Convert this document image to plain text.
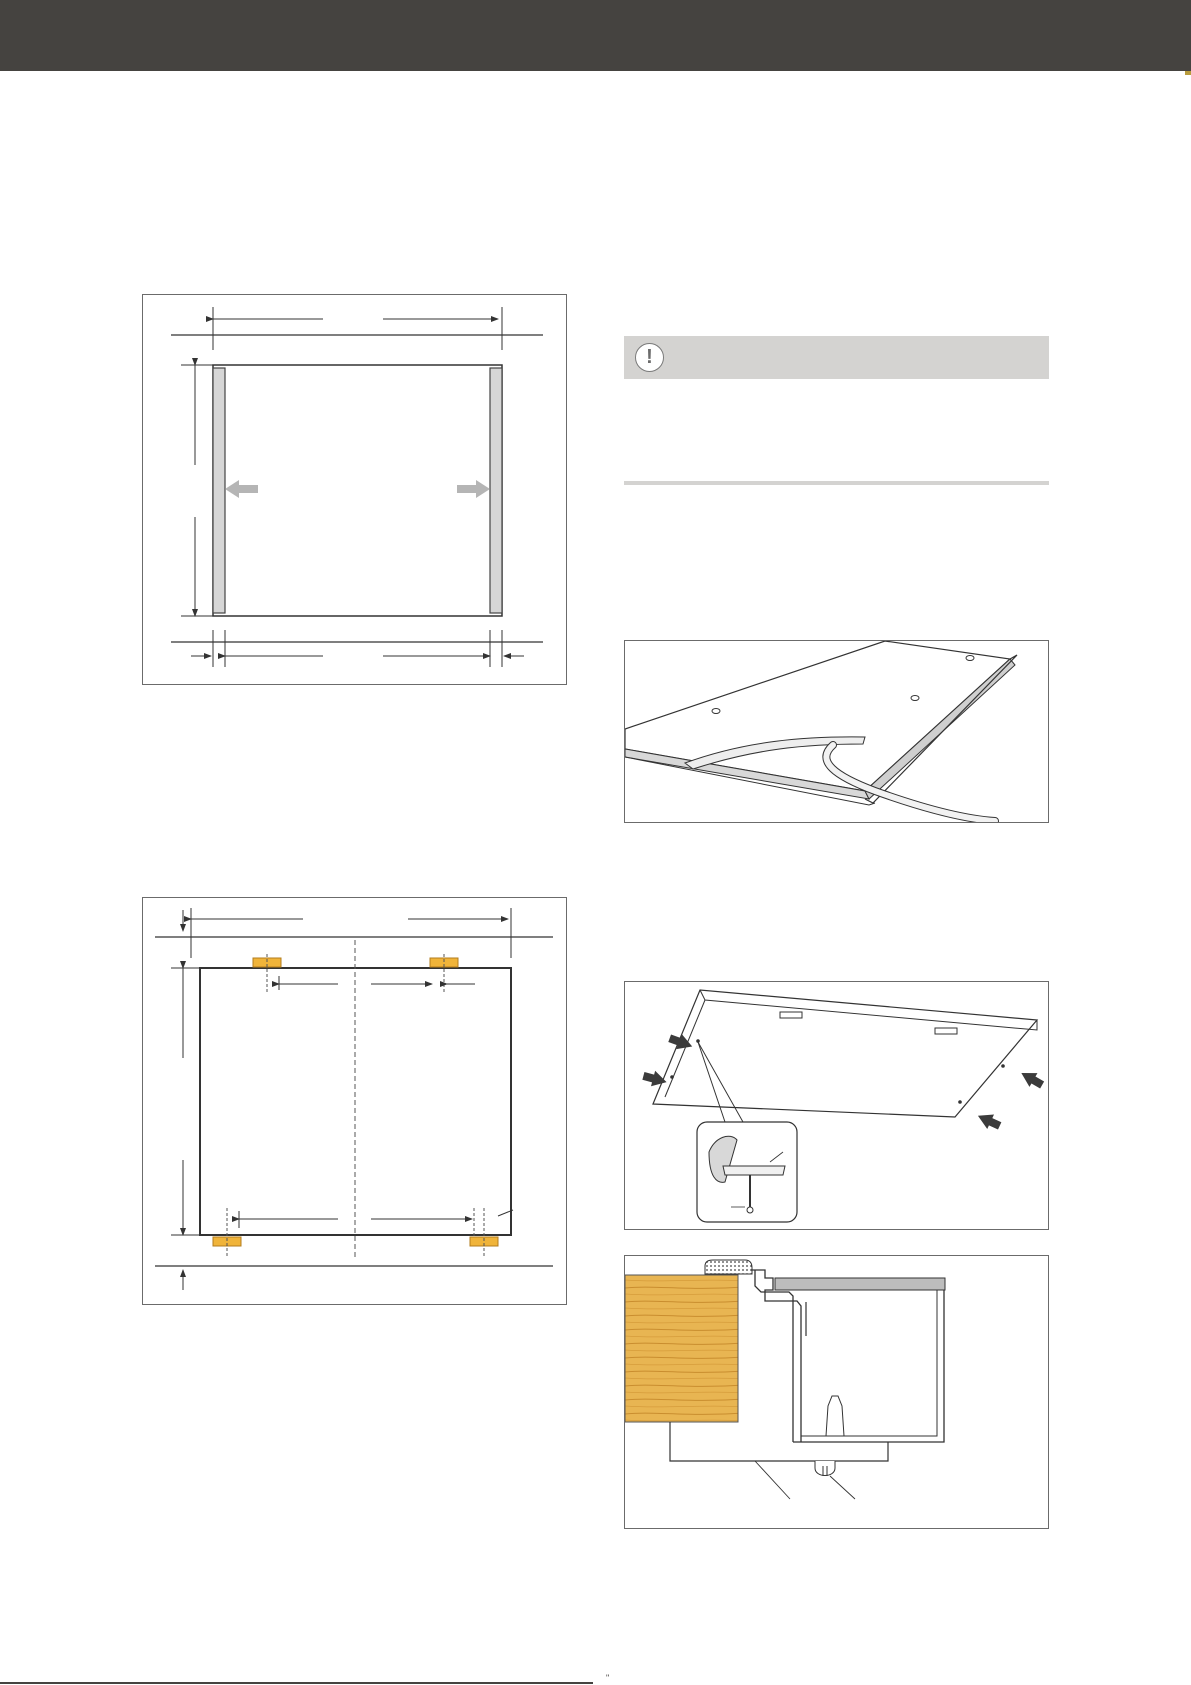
!
"
